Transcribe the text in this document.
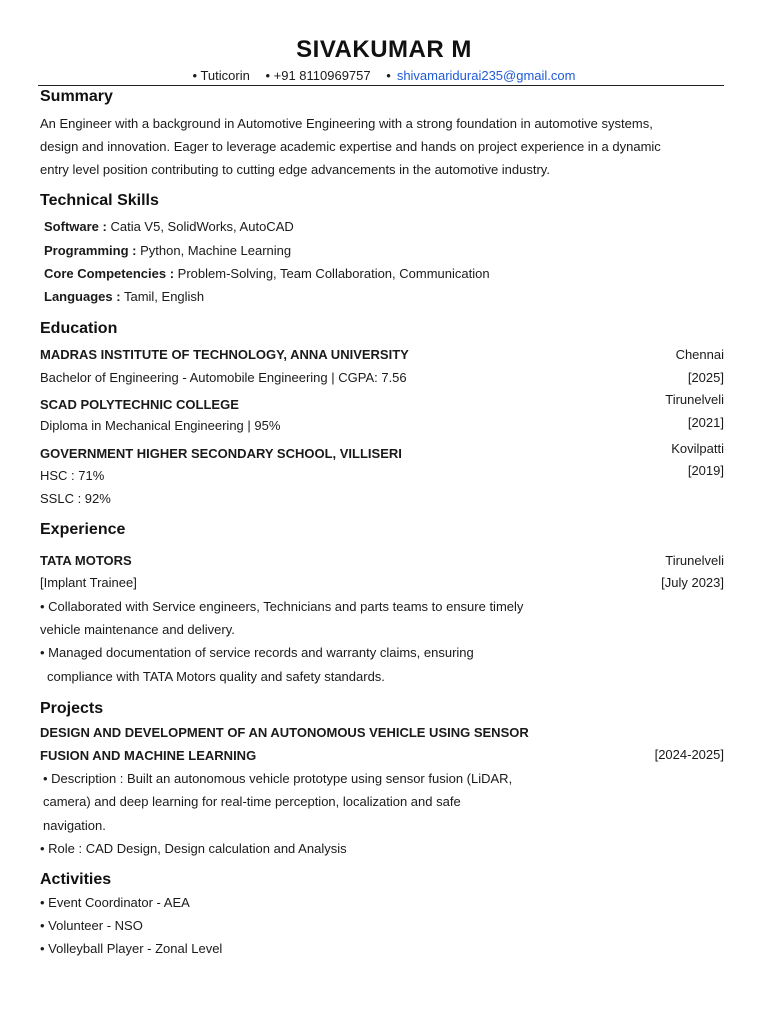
SIVAKUMAR M
• Tuticorin • +91 8110969757 • shivamaridurai235@gmail.com
Summary
An Engineer with a background in Automotive Engineering with a strong foundation in automotive systems,
design and innovation. Eager to leverage academic expertise and hands on project experience in a dynamic
entry level position contributing to cutting edge advancements in the automotive industry.
Technical Skills
Software : Catia V5, SolidWorks, AutoCAD
Programming : Python, Machine Learning
Core Competencies : Problem-Solving, Team Collaboration, Communication
Languages : Tamil, English
Education
MADRAS INSTITUTE OF TECHNOLOGY, ANNA UNIVERSITY	Chennai
Bachelor of Engineering - Automobile Engineering | CGPA: 7.56	[2025]
SCAD POLYTECHNIC COLLEGE	Tirunelveli
Diploma in Mechanical Engineering | 95%	[2021]
GOVERNMENT HIGHER SECONDARY SCHOOL, VILLISERI	Kovilpatti
HSC : 71%	[2019]
SSLC : 92%
Experience
TATA MOTORS	Tirunelveli
[Implant Trainee]	[July 2023]
• Collaborated with Service engineers, Technicians and parts teams to ensure timely
vehicle maintenance and delivery.
• Managed documentation of service records and warranty claims, ensuring
compliance with TATA Motors quality and safety standards.
Projects
DESIGN AND DEVELOPMENT OF AN AUTONOMOUS VEHICLE USING SENSOR
FUSION AND MACHINE LEARNING	[2024-2025]
• Description : Built an autonomous vehicle prototype using sensor fusion (LiDAR,
camera) and deep learning for real-time perception, localization and safe
navigation.
• Role : CAD Design, Design calculation and Analysis
Activities
• Event Coordinator - AEA
• Volunteer - NSO
• Volleyball Player - Zonal Level
